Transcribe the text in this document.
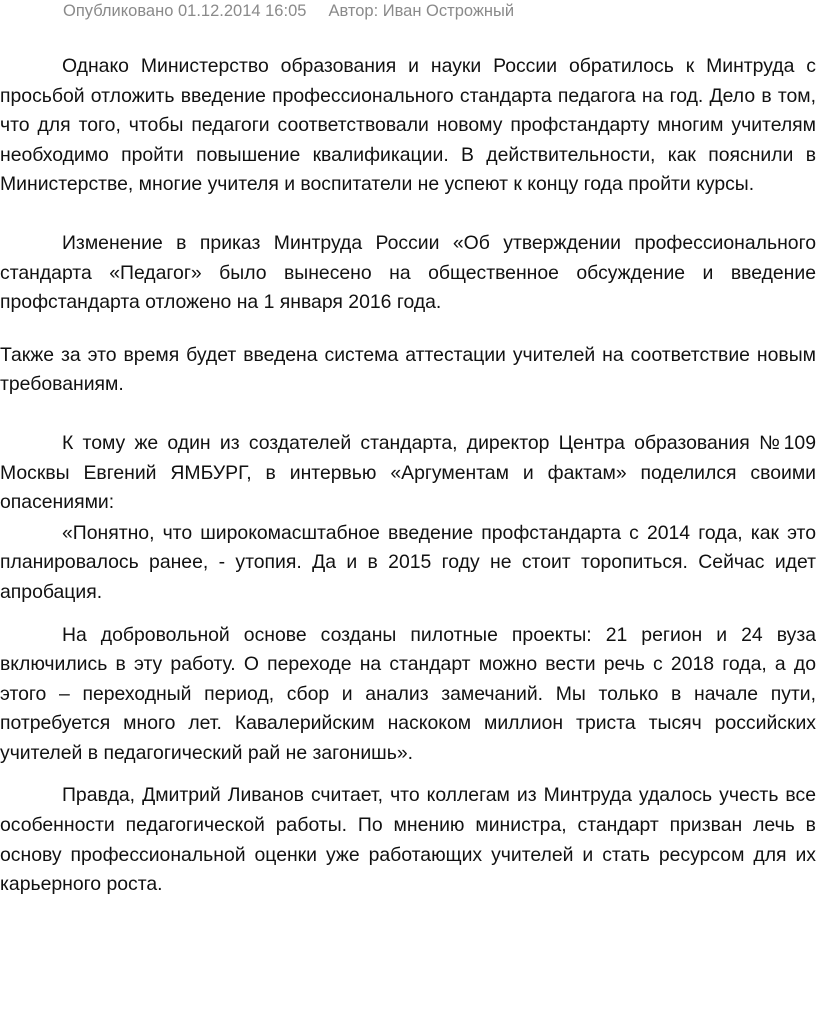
Опубликовано 01.12.2014 16:05 Автор: Иван Острожный

Однако Министерство образования и науки России обратилось к Минтруда с просьбой отложить введение профессионального стандарта педагога на год. Дело в том, что для того, чтобы педагоги соответствовали новому профстандарту многим учителям необходимо пройти повышение квалификации. В действительности, как пояснили в Министерстве, многие учителя и воспитатели не успеют к концу года пройти курсы.

Изменение в приказ Минтруда России «Об утверждении профессионального стандарта «Педагог» было вынесено на общественное обсуждение и введение профстандарта отложено на 1 января 2016 года.

Также за это время будет введена система аттестации учителей на соответствие новым требованиям.

К тому же один из создателей стандарта, директор Центра образования №109 Москвы Евгений ЯМБУРГ, в интервью «Аргументам и фактам» поделился своими опасениями:

«Понятно, что широкомасштабное введение профстандарта с 2014 года, как это планировалось ранее, - утопия. Да и в 2015 году не стоит торопиться. Сейчас идет апробация.

На добровольной основе созданы пилотные проекты: 21 регион и 24 вуза включились в эту работу. О переходе на стандарт можно вести речь с 2018 года, а до этого – переходный период, сбор и анализ замечаний. Мы только в начале пути, потребуется много лет. Кавалерийским наскоком миллион триста тысяч российских учителей в педагогический рай не загонишь».

Правда, Дмитрий Ливанов считает, что коллегам из Минтруда удалось учесть все особенности педагогической работы. По мнению министра, стандарт призван лечь в основу профессиональной оценки уже работающих учителей и стать ресурсом для их карьерного роста.
